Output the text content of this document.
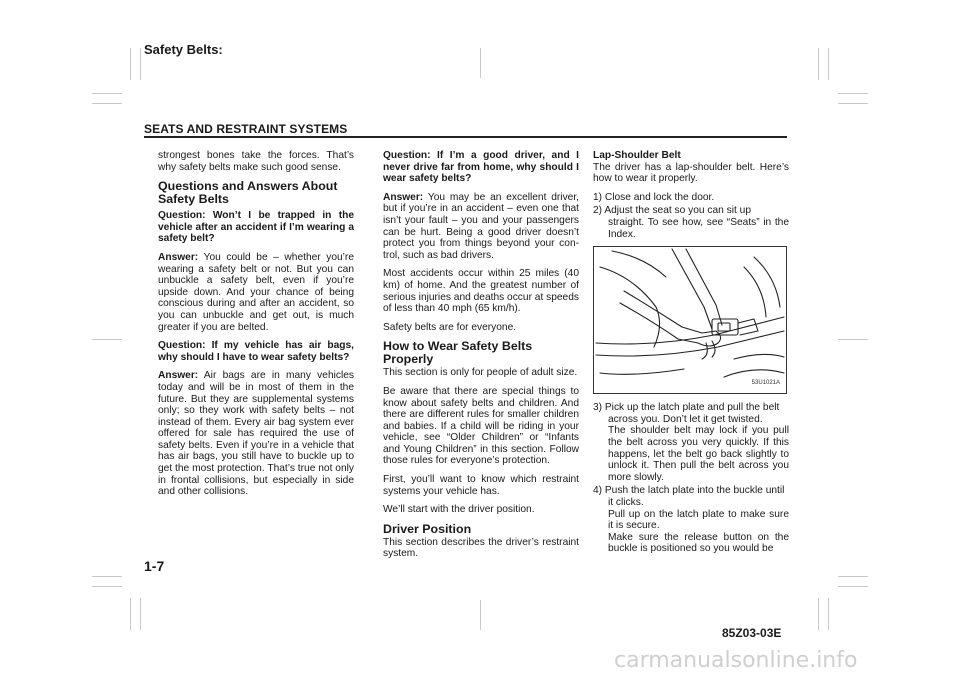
Safety Belts:
SEATS AND RESTRAINT SYSTEMS

strongest bones take the forces. That’s why safety belts make such good sense.

Questions and Answers About Safety Belts

Question: Won’t I be trapped in the vehicle after an accident if I’m wearing a safety belt?

Answer: You could be – whether you’re wearing a safety belt or not. But you can unbuckle a safety belt, even if you’re upside down. And your chance of being conscious during and after an accident, so you can unbuckle and get out, is much greater if you are belted.

Question: If my vehicle has air bags, why should I have to wear safety belts?

Answer: Air bags are in many vehicles today and will be in most of them in the future. But they are supplemental systems only; so they work with safety belts – not instead of them. Every air bag system ever offered for sale has required the use of safety belts. Even if you’re in a vehicle that has air bags, you still have to buckle up to get the most protection. That’s true not only in frontal collisions, but especially in side and other collisions.

Question: If I’m a good driver, and I never drive far from home, why should I wear safety belts?

Answer: You may be an excellent driver, but if you’re in an accident – even one that isn’t your fault – you and your passengers can be hurt. Being a good driver doesn’t protect you from things beyond your con-trol, such as bad drivers.

Most accidents occur within 25 miles (40 km) of home. And the greatest number of serious injuries and deaths occur at speeds of less than 40 mph (65 km/h).

Safety belts are for everyone.

How to Wear Safety Belts Properly

This section is only for people of adult size.

Be aware that there are special things to know about safety belts and children. And there are different rules for smaller children and babies. If a child will be riding in your vehicle, see “Older Children” or “Infants and Young Children” in this section. Follow those rules for everyone’s protection.

First, you’ll want to know which restraint systems your vehicle has.

We’ll start with the driver position.

Driver Position

This section describes the driver’s restraint system.

Lap-Shoulder Belt

The driver has a lap-shoulder belt. Here’s how to wear it properly.

1) Close and lock the door.
2) Adjust the seat so you can sit up
straight. To see how, see “Seats” in the Index.
53U1021A
3) Pick up the latch plate and pull the belt
across you. Don’t let it get twisted.
The shoulder belt may lock if you pull the belt across you very quickly. If this happens, let the belt go back slightly to unlock it. Then pull the belt across you more slowly.
4) Push the latch plate into the buckle until
it clicks.
Pull up on the latch plate to make sure it is secure.
Make sure the release button on the buckle is positioned so you would be
1-7
85Z03-03E
carmanualsonline.info
